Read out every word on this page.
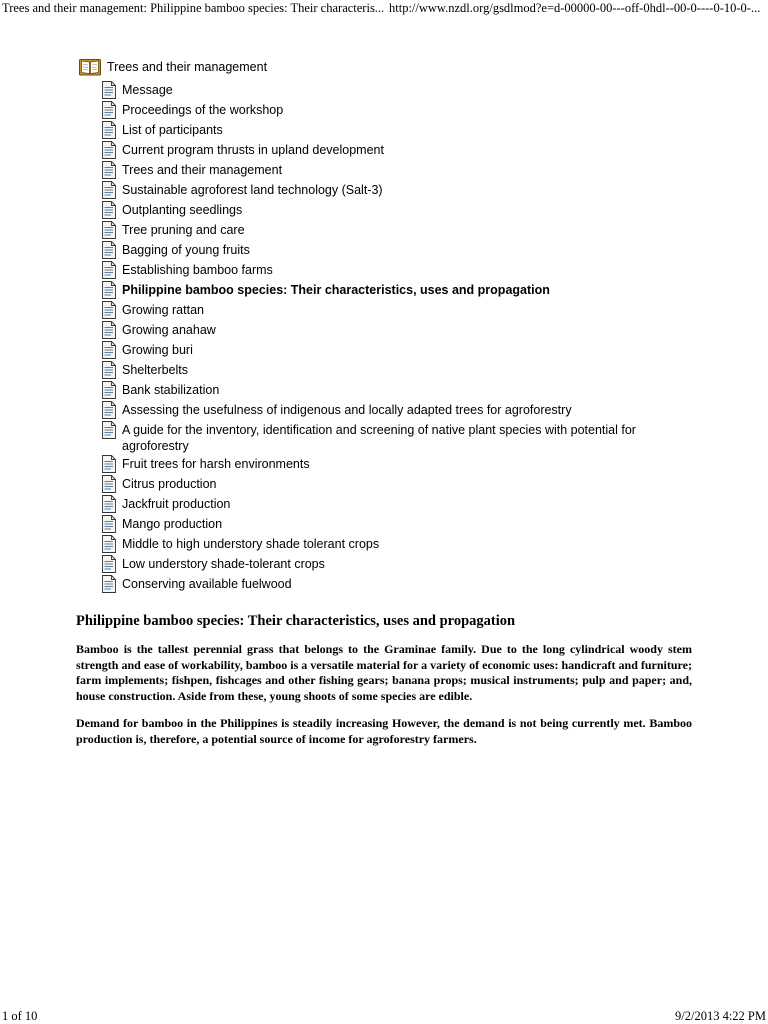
Trees and their management: Philippine bamboo species: Their characteris... http://www.nzdl.org/gsdlmod?e=d-00000-00---off-0hdl--00-0----0-10-0-...
Trees and their management
Message
Proceedings of the workshop
List of participants
Current program thrusts in upland development
Trees and their management
Sustainable agroforest land technology (Salt-3)
Outplanting seedlings
Tree pruning and care
Bagging of young fruits
Establishing bamboo farms
Philippine bamboo species: Their characteristics, uses and propagation
Growing rattan
Growing anahaw
Growing buri
Shelterbelts
Bank stabilization
Assessing the usefulness of indigenous and locally adapted trees for agroforestry
A guide for the inventory, identification and screening of native plant species with potential for agroforestry
Fruit trees for harsh environments
Citrus production
Jackfruit production
Mango production
Middle to high understory shade tolerant crops
Low understory shade-tolerant crops
Conserving available fuelwood
Philippine bamboo species: Their characteristics, uses and propagation

Bamboo is the tallest perennial grass that belongs to the Graminae family. Due to the long cylindrical woody stem strength and ease of workability, bamboo is a versatile material for a variety of economic uses: handicraft and furniture; farm implements; fishpen, fishcages and other fishing gears; banana props; musical instruments; pulp and paper; and, house construction. Aside from these, young shoots of some species are edible.

Demand for bamboo in the Philippines is steadily increasing However, the demand is not being currently met. Bamboo production is, therefore, a potential source of income for agroforestry farmers.

1 of 10	9/2/2013 4:22 PM
